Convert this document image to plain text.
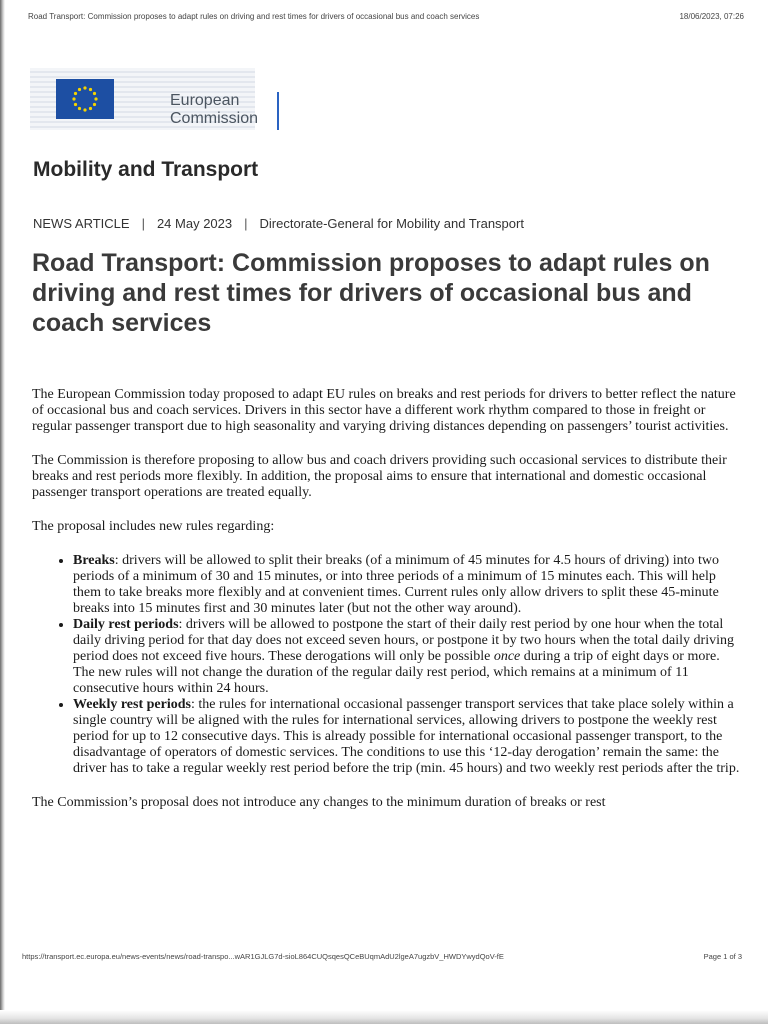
Road Transport: Commission proposes to adapt rules on driving and rest times for drivers of occasional bus and coach services	18/06/2023, 07:26
European
Commission
Mobility and Transport
NEWS ARTICLE | 24 May 2023 | Directorate-General for Mobility and Transport
Road Transport: Commission proposes to adapt rules on driving and rest times for drivers of occasional bus and coach services

The European Commission today proposed to adapt EU rules on breaks and rest periods for drivers to better reflect the nature of occasional bus and coach services. Drivers in this sector have a different work rhythm compared to those in freight or regular passenger transport due to high seasonality and varying driving distances depending on passengers’ tourist activities.

The Commission is therefore proposing to allow bus and coach drivers providing such occasional services to distribute their breaks and rest periods more flexibly. In addition, the proposal aims to ensure that international and domestic occasional passenger transport operations are treated equally.

The proposal includes new rules regarding:

• Breaks: drivers will be allowed to split their breaks (of a minimum of 45 minutes for 4.5 hours of driving) into two periods of a minimum of 30 and 15 minutes, or into three periods of a minimum of 15 minutes each. This will help them to take breaks more flexibly and at convenient times. Current rules only allow drivers to split these 45-minute breaks into 15 minutes first and 30 minutes later (but not the other way around).
• Daily rest periods: drivers will be allowed to postpone the start of their daily rest period by one hour when the total daily driving period for that day does not exceed seven hours, or postpone it by two hours when the total daily driving period does not exceed five hours. These derogations will only be possible once during a trip of eight days or more. The new rules will not change the duration of the regular daily rest period, which remains at a minimum of 11 consecutive hours within 24 hours.
• Weekly rest periods: the rules for international occasional passenger transport services that take place solely within a single country will be aligned with the rules for international services, allowing drivers to postpone the weekly rest period for up to 12 consecutive days. This is already possible for international occasional passenger transport, to the disadvantage of operators of domestic services. The conditions to use this ‘12-day derogation’ remain the same: the driver has to take a regular weekly rest period before the trip (min. 45 hours) and two weekly rest periods after the trip.

The Commission’s proposal does not introduce any changes to the minimum duration of breaks or rest

https://transport.ec.europa.eu/news-events/news/road-transpo...wAR1GJLG7d-sioL864CUQsqesQCeBUqmAdU2lgeA7ugzbV_HWDYwydQoV-fE	Page 1 of 3
